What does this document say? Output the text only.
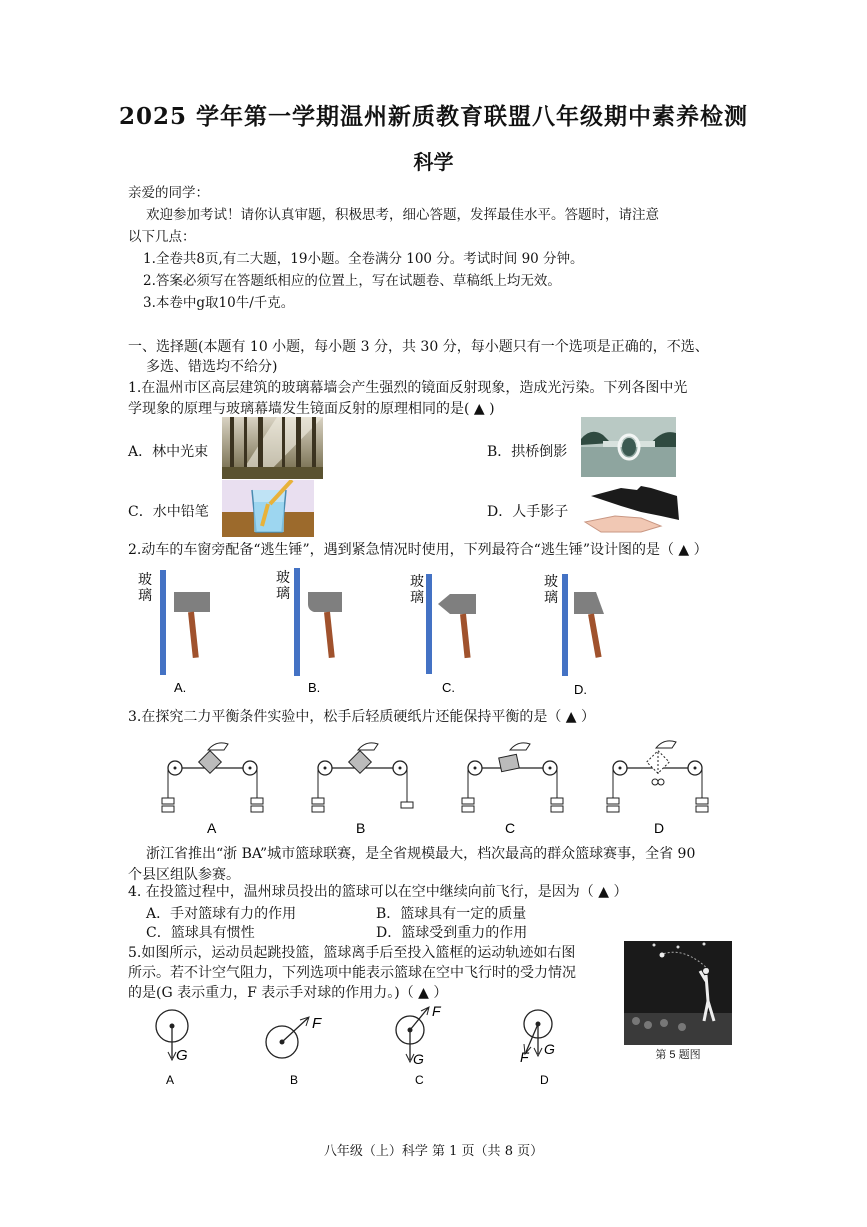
2025 学年第一学期温州新质教育联盟八年级期中素养检测
科学
亲爱的同学：
欢迎参加考试！请你认真审题，积极思考，细心答题，发挥最佳水平。答题时，请注意
以下几点：
1.全卷共8页,有二大题，19小题。全卷满分 100 分。考试时间 90 分钟。
2.答案必须写在答题纸相应的位置上，写在试题卷、草稿纸上均无效。
3.本卷中g取10牛/千克。
一、选择题(本题有 10 小题，每小题 3 分，共 30 分，每小题只有一个选项是正确的，不选、
多选、错选均不给分)
1.在温州市区高层建筑的玻璃幕墙会产生强烈的镜面反射现象，造成光污染。下列各图中光
学现象的原理与玻璃幕墙发生镜面反射的原理相同的是( ▲ )
A．林中光束	B．拱桥倒影
C．水中铅笔	D．人手影子
2.动车的车窗旁配备“逃生锤”，遇到紧急情况时使用，下列最符合“逃生锤”设计图的是（ ▲ ）
玻
璃
A.
玻
璃
B.
玻
璃
C.
玻
璃
D.
3.在探究二力平衡条件实验中，松手后轻质硬纸片还能保持平衡的是（ ▲ ）
A	B	C	D
浙江省推出“浙 BA”城市篮球联赛，是全省规模最大，档次最高的群众篮球赛事，全省 90
个县区组队参赛。
4. 在投篮过程中，温州球员投出的篮球可以在空中继续向前飞行，是因为（ ▲ ）
A．手对篮球有力的作用	B．篮球具有一定的质量
C．篮球具有惯性	D．篮球受到重力的作用
5.如图所示，运动员起跳投篮，篮球离手后至投入篮框的运动轨迹如右图
所示。若不计空气阻力，下列选项中能表示篮球在空中飞行时的受力情况
的是(G 表示重力，F 表示手对球的作用力。)（ ▲ ）
第 5 题图
G
A
F
B
F
G
C
F G
D
八年级（上）科学 第 1 页（共 8 页）
